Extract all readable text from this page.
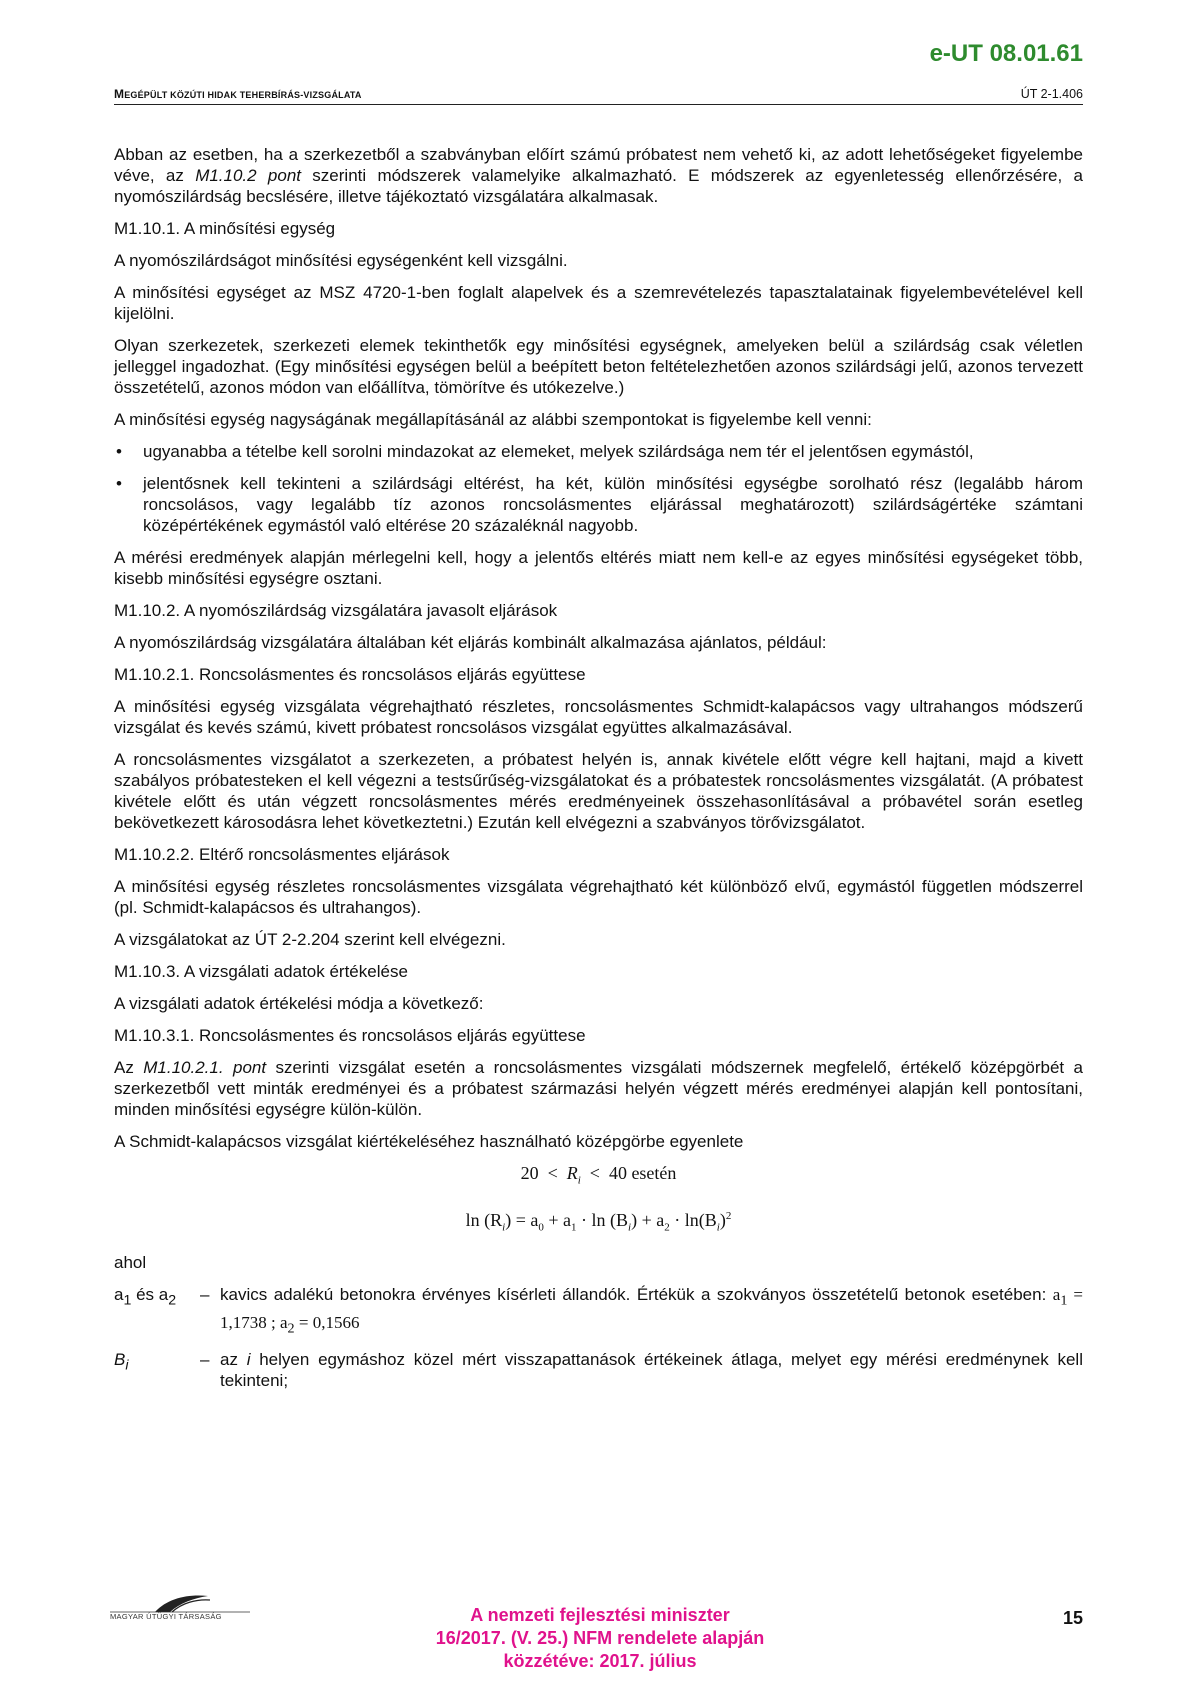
e-UT 08.01.61
MEGÉPÜLT KÖZÚTI HIDAK TEHERBÍRÁS-VIZSGÁLATA	ÚT 2-1.406

Abban az esetben, ha a szerkezetből a szabványban előírt számú próbatest nem vehető ki, az adott lehetőségeket figyelembe véve, az M1.10.2 pont szerinti módszerek valamelyike alkalmazható. E módszerek az egyenletesség ellenőrzésére, a nyomószilárdság becslésére, illetve tájékoztató vizsgálatára alkalmasak.

M1.10.1. A minősítési egység

A nyomószilárdságot minősítési egységenként kell vizsgálni.

A minősítési egységet az MSZ 4720-1-ben foglalt alapelvek és a szemrevételezés tapasztalatainak figyelembevételével kell kijelölni.

Olyan szerkezetek, szerkezeti elemek tekinthetők egy minősítési egységnek, amelyeken belül a szilárdság csak véletlen jelleggel ingadozhat. (Egy minősítési egységen belül a beépített beton feltételezhetően azonos szilárdsági jelű, azonos tervezett összetételű, azonos módon van előállítva, tömörítve és utókezelve.)

A minősítési egység nagyságának megállapításánál az alábbi szempontokat is figyelembe kell venni:

• ugyanabba a tételbe kell sorolni mindazokat az elemeket, melyek szilárdsága nem tér el jelentősen egymástól,
• jelentősnek kell tekinteni a szilárdsági eltérést, ha két, külön minősítési egységbe sorolható rész (legalább három roncsolásos, vagy legalább tíz azonos roncsolásmentes eljárással meghatározott) szilárdságértéke számtani középértékének egymástól való eltérése 20 százaléknál nagyobb.

A mérési eredmények alapján mérlegelni kell, hogy a jelentős eltérés miatt nem kell-e az egyes minősítési egységeket több, kisebb minősítési egységre osztani.

M1.10.2. A nyomószilárdság vizsgálatára javasolt eljárások

A nyomószilárdság vizsgálatára általában két eljárás kombinált alkalmazása ajánlatos, például:

M1.10.2.1. Roncsolásmentes és roncsolásos eljárás együttese

A minősítési egység vizsgálata végrehajtható részletes, roncsolásmentes Schmidt-kalapácsos vagy ultrahangos módszerű vizsgálat és kevés számú, kivett próbatest roncsolásos vizsgálat együttes alkalmazásával.

A roncsolásmentes vizsgálatot a szerkezeten, a próbatest helyén is, annak kivétele előtt végre kell hajtani, majd a kivett szabályos próbatesteken el kell végezni a testsűrűség-vizsgálatokat és a próbatestek roncsolásmentes vizsgálatát. (A próbatest kivétele előtt és után végzett roncsolásmentes mérés eredményeinek összehasonlításával a próbavétel során esetleg bekövetkezett károsodásra lehet következtetni.) Ezután kell elvégezni a szabványos törővizsgálatot.

M1.10.2.2. Eltérő roncsolásmentes eljárások

A minősítési egység részletes roncsolásmentes vizsgálata végrehajtható két különböző elvű, egymástól független módszerrel (pl. Schmidt-kalapácsos és ultrahangos).

A vizsgálatokat az ÚT 2-2.204 szerint kell elvégezni.

M1.10.3. A vizsgálati adatok értékelése

A vizsgálati adatok értékelési módja a következő:

M1.10.3.1. Roncsolásmentes és roncsolásos eljárás együttese

Az M1.10.2.1. pont szerinti vizsgálat esetén a roncsolásmentes vizsgálati módszernek megfelelő, értékelő középgörbét a szerkezetből vett minták eredményei és a próbatest származási helyén végzett mérés eredményei alapján kell pontosítani, minden minősítési egységre külön-külön.

A Schmidt-kalapácsos vizsgálat kiértékeléséhez használható középgörbe egyenlete

$20 < R_i < 40$ esetén
$\ln (R_i) = a_0 + a_1 \cdot \ln (B_i) + a_2 \cdot \ln(B_i)^2$
ahol
$a_1$ és $a_2$	– kavics adalékú betonokra érvényes kísérleti állandók. Értékük a szokványos összetételű betonok esetében: $a_1 = 1,1738$ ; $a_2 = 0,1566$
$B_i$	– az i helyen egymáshoz közel mért visszapattanások értékeinek átlaga, melyet egy mérési eredménynek kell tekinteni;
MAGYAR ÚTÜGYI TÁRSASÁG	A nemzeti fejlesztési miniszter
16/2017. (V. 25.) NFM rendelete alapján
közzétéve: 2017. július
15
